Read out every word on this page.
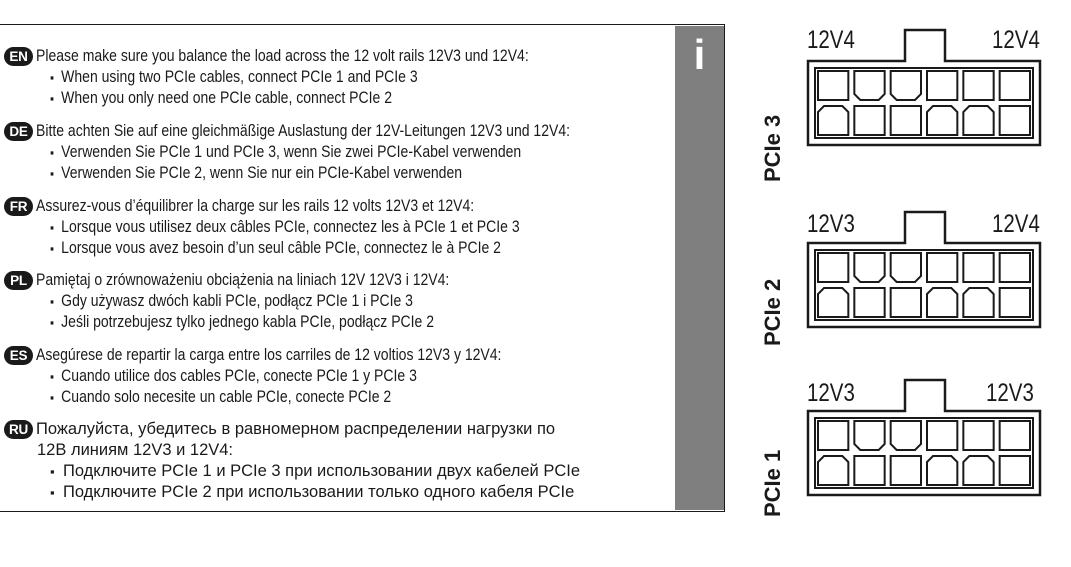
i
EN Please make sure you balance the load across the 12 volt rails 12V3 und 12V4:
▪ When using two PCIe cables, connect PCIe 1 and PCIe 3
▪ When you only need one PCIe cable, connect PCIe 2
DE Bitte achten Sie auf eine gleichmäßige Auslastung der 12V-Leitungen 12V3 und 12V4:
▪ Verwenden Sie PCIe 1 und PCIe 3, wenn Sie zwei PCIe-Kabel verwenden
▪ Verwenden Sie PCIe 2, wenn Sie nur ein PCIe-Kabel verwenden
FR Assurez-vous d’équilibrer la charge sur les rails 12 volts 12V3 et 12V4:
▪ Lorsque vous utilisez deux câbles PCIe, connectez les à PCIe 1 et PCIe 3
▪ Lorsque vous avez besoin d’un seul câble PCIe, connectez le à PCIe 2
PL Pamiętaj o zrównoważeniu obciążenia na liniach 12V 12V3 i 12V4:
▪ Gdy używasz dwóch kabli PCIe, podłącz PCIe 1 i PCIe 3
▪ Jeśli potrzebujesz tylko jednego kabla PCIe, podłącz PCIe 2
ES Asegúrese de repartir la carga entre los carriles de 12 voltios 12V3 y 12V4:
▪ Cuando utilice dos cables PCIe, conecte PCIe 1 y PCIe 3
▪ Cuando solo necesite un cable PCIe, conecte PCIe 2
RU Пожалуйста, убедитесь в равномерном распределении нагрузки по
12В линиям 12V3 и 12V4:
▪ Подключите PCIe 1 и PCIe 3 при использовании двух кабелей PCIe
▪ Подключите PCIe 2 при использовании только одного кабеля PCIe
12V4	12V4
PCIe 3
12V3	12V4
PCIe 2
12V3	12V3
PCIe 1
